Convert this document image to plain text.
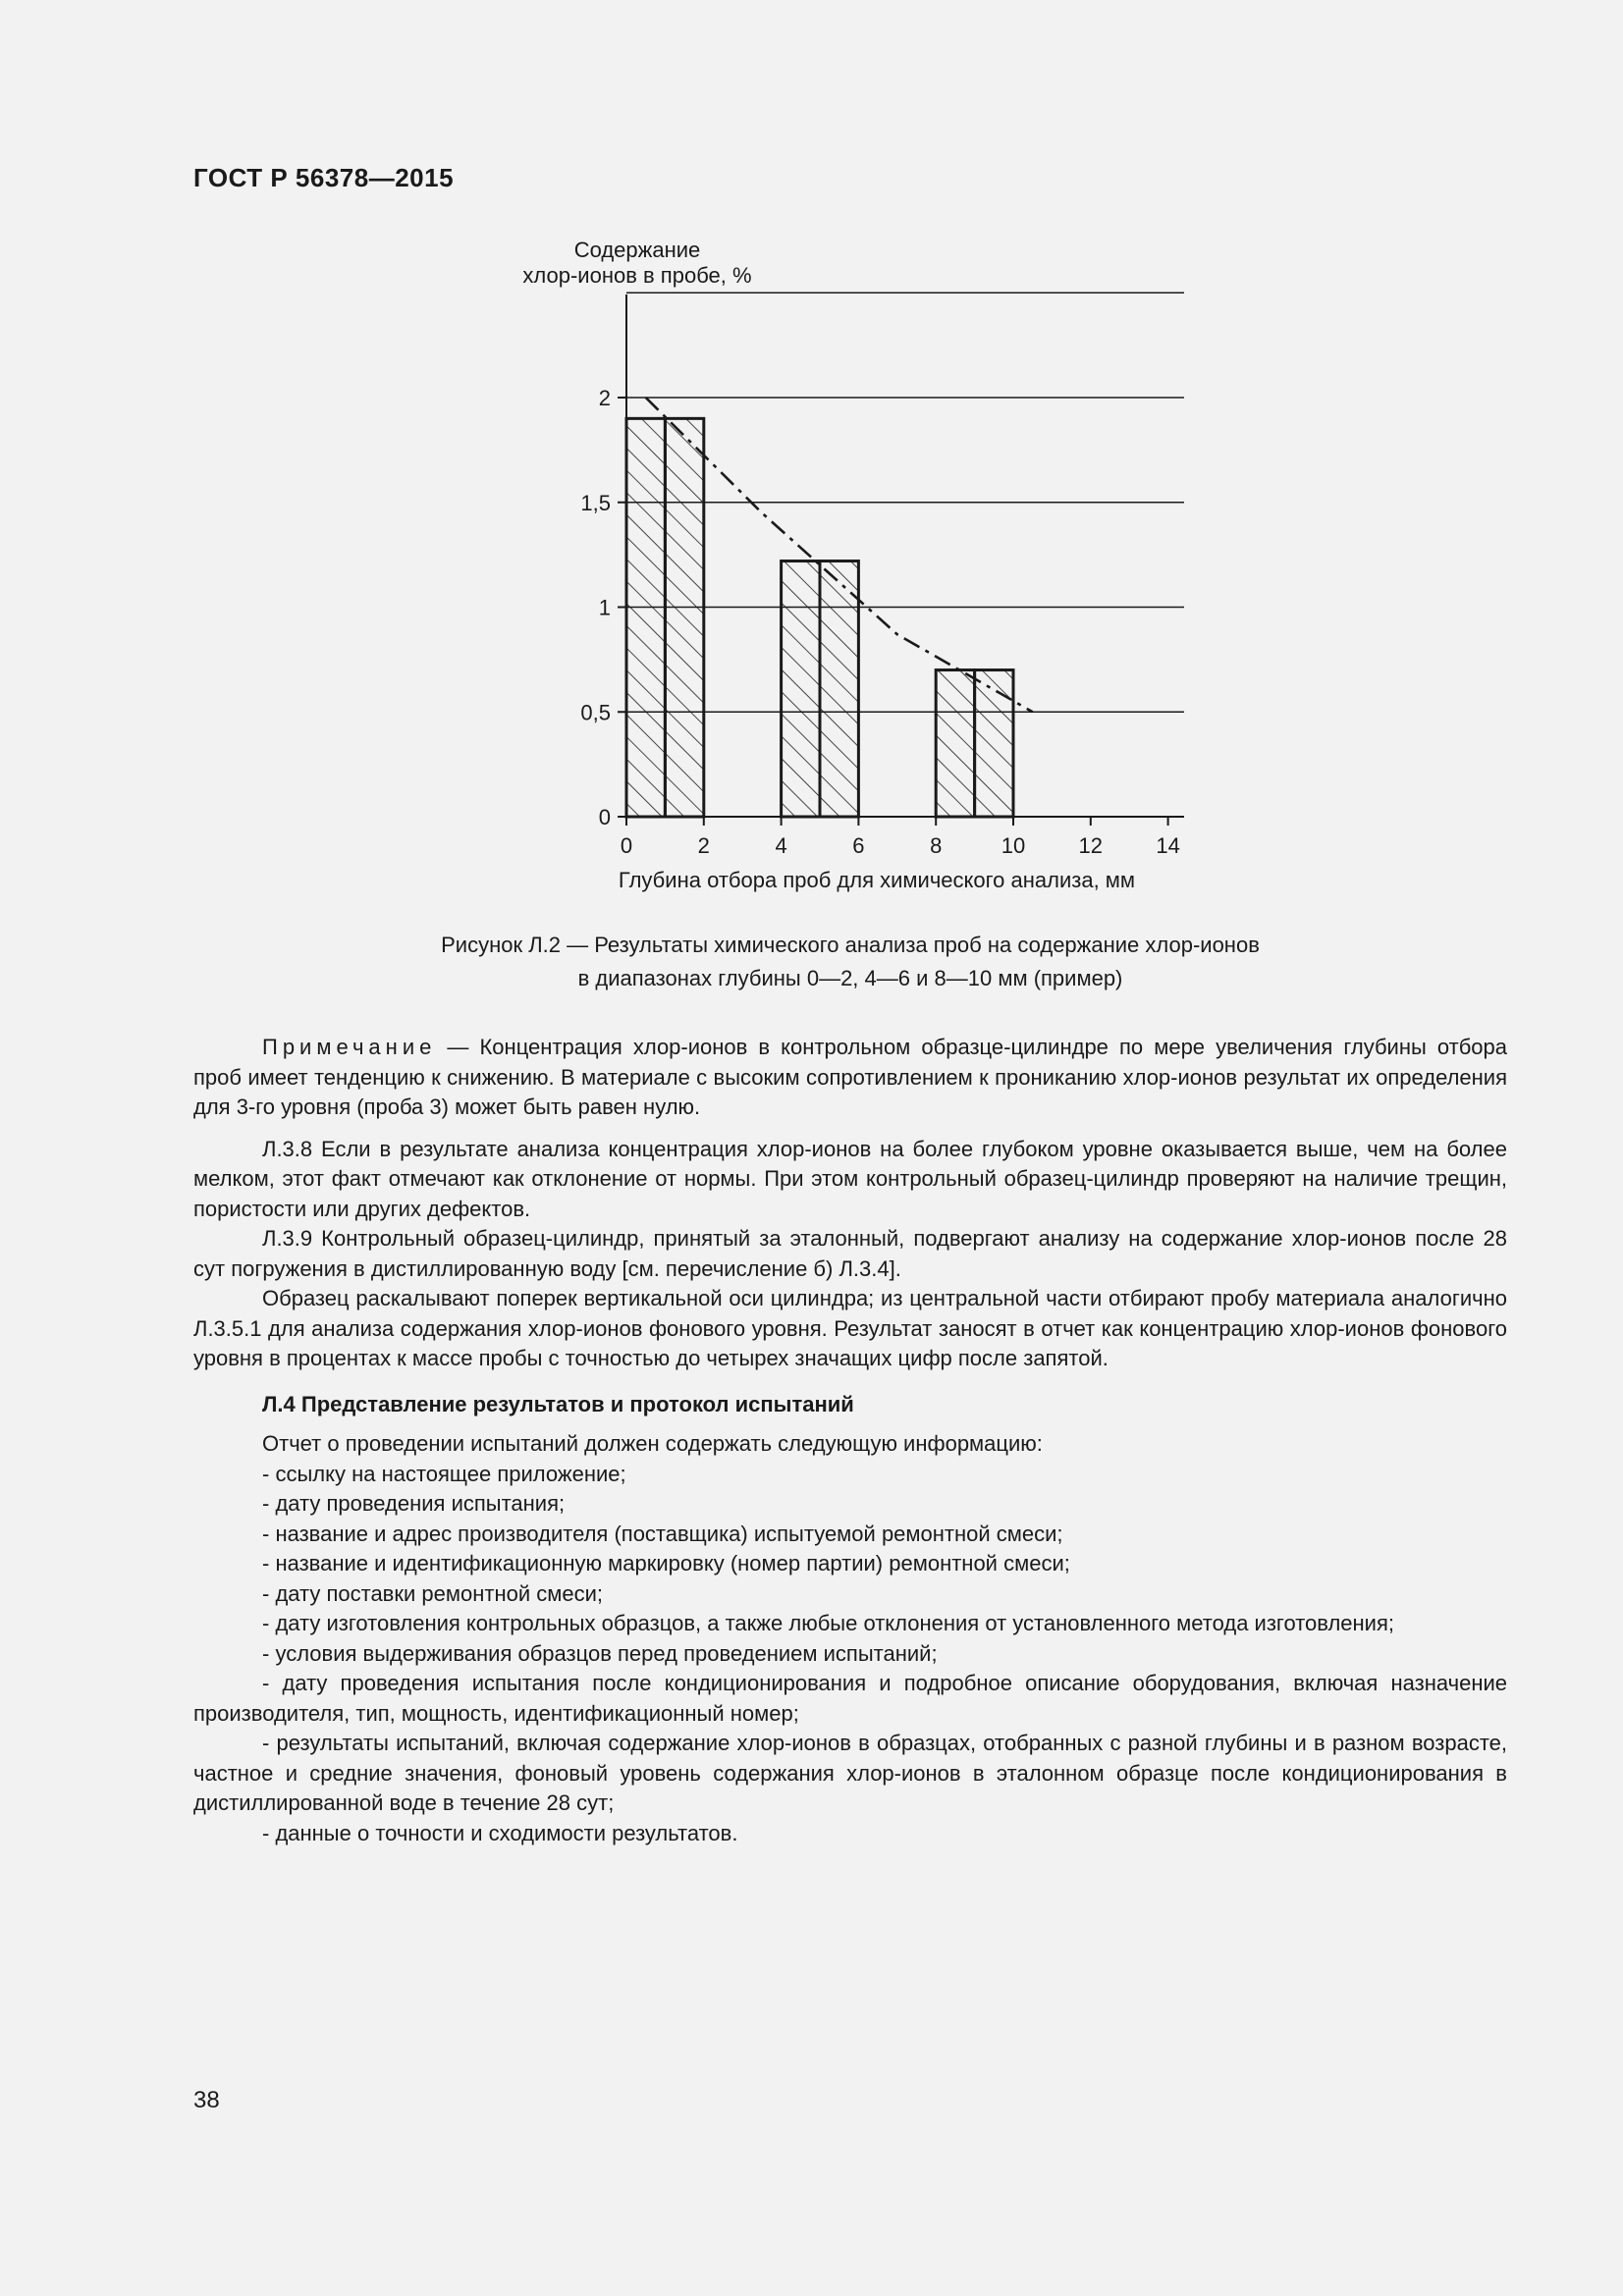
ГОСТ Р 56378—2015
Содержание
хлор-ионов в пробе, %
0	2	4	6	8	10 12 14
0
0,5
1
1,5
2
Глубина отбора проб для химического анализа, мм
Рисунок Л.2 — Результаты химического анализа проб на содержание хлор-ионов
в диапазонах глубины 0—2, 4—6 и 8—10 мм (пример)

Примечание — Концентрация хлор-ионов в контрольном образце-цилиндре по мере увеличения глубины отбора проб имеет тенденцию к снижению. В материале с высоким сопротивлением к прониканию хлор-ионов результат их определения для 3-го уровня (проба 3) может быть равен нулю.

Л.3.8 Если в результате анализа концентрация хлор-ионов на более глубоком уровне оказывается выше, чем на более мелком, этот факт отмечают как отклонение от нормы. При этом контрольный образец-цилиндр проверяют на наличие трещин, пористости или других дефектов.

Л.3.9 Контрольный образец-цилиндр, принятый за эталонный, подвергают анализу на содержание хлор-ионов после 28 сут погружения в дистиллированную воду [см. перечисление б) Л.3.4].

Образец раскалывают поперек вертикальной оси цилиндра; из центральной части отбирают пробу материала аналогично Л.3.5.1 для анализа содержания хлор-ионов фонового уровня. Результат заносят в отчет как концентрацию хлор-ионов фонового уровня в процентах к массе пробы с точностью до четырех значащих цифр после запятой.

Л.4 Представление результатов и протокол испытаний

Отчет о проведении испытаний должен содержать следующую информацию:

- ссылку на настоящее приложение;
- дату проведения испытания;
- название и адрес производителя (поставщика) испытуемой ремонтной смеси;
- название и идентификационную маркировку (номер партии) ремонтной смеси;
- дату поставки ремонтной смеси;
- дату изготовления контрольных образцов, а также любые отклонения от установленного метода изготовления;
- условия выдерживания образцов перед проведением испытаний;
- дату проведения испытания после кондиционирования и подробное описание оборудования, включая назначение производителя, тип, мощность, идентификационный номер;
- результаты испытаний, включая содержание хлор-ионов в образцах, отобранных с разной глубины и в разном возрасте, частное и средние значения, фоновый уровень содержания хлор-ионов в эталонном образце после кондиционирования в дистиллированной воде в течение 28 сут;
- данные о точности и сходимости результатов.
38
